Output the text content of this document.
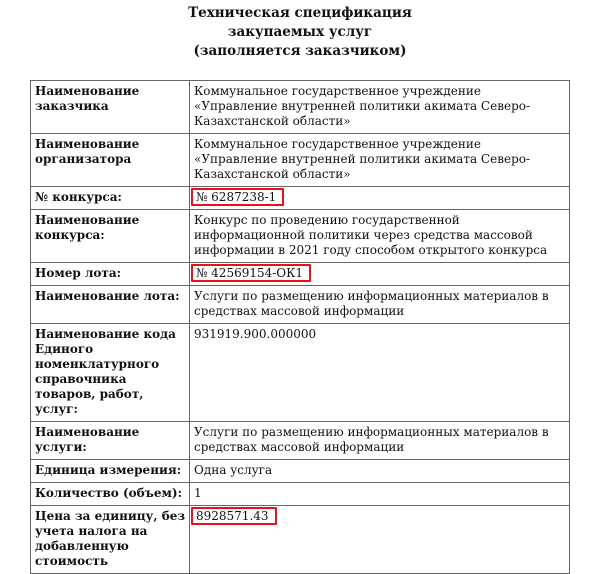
Техническая спецификация
закупаемых услуг
(заполняется заказчиком)
Наименование заказчика	Коммунальное государственное учреждение «Управление внутренней политики акимата Северо-Казахстанской области»
Наименование организатора	Коммунальное государственное учреждение «Управление внутренней политики акимата Северо-Казахстанской области»
№ конкурса:	№ 6287238-1
Наименование конкурса:	Конкурс по проведению государственной информационной политики через средства массовой информации в 2021 году способом открытого конкурса
Номер лота:	№ 42569154-ОК1
Наименование лота:	Услуги по размещению информационных материалов в средствах массовой информации
Наименование кода Единого номенклатурного справочника товаров, работ, услуг:	931919.900.000000
Наименование услуги:	Услуги по размещению информационных материалов в средствах массовой информации
Единица измерения:	Одна услуга
Количество (объем):	1
Цена за единицу, без учета налога на добавленную стоимость	8928571.43
